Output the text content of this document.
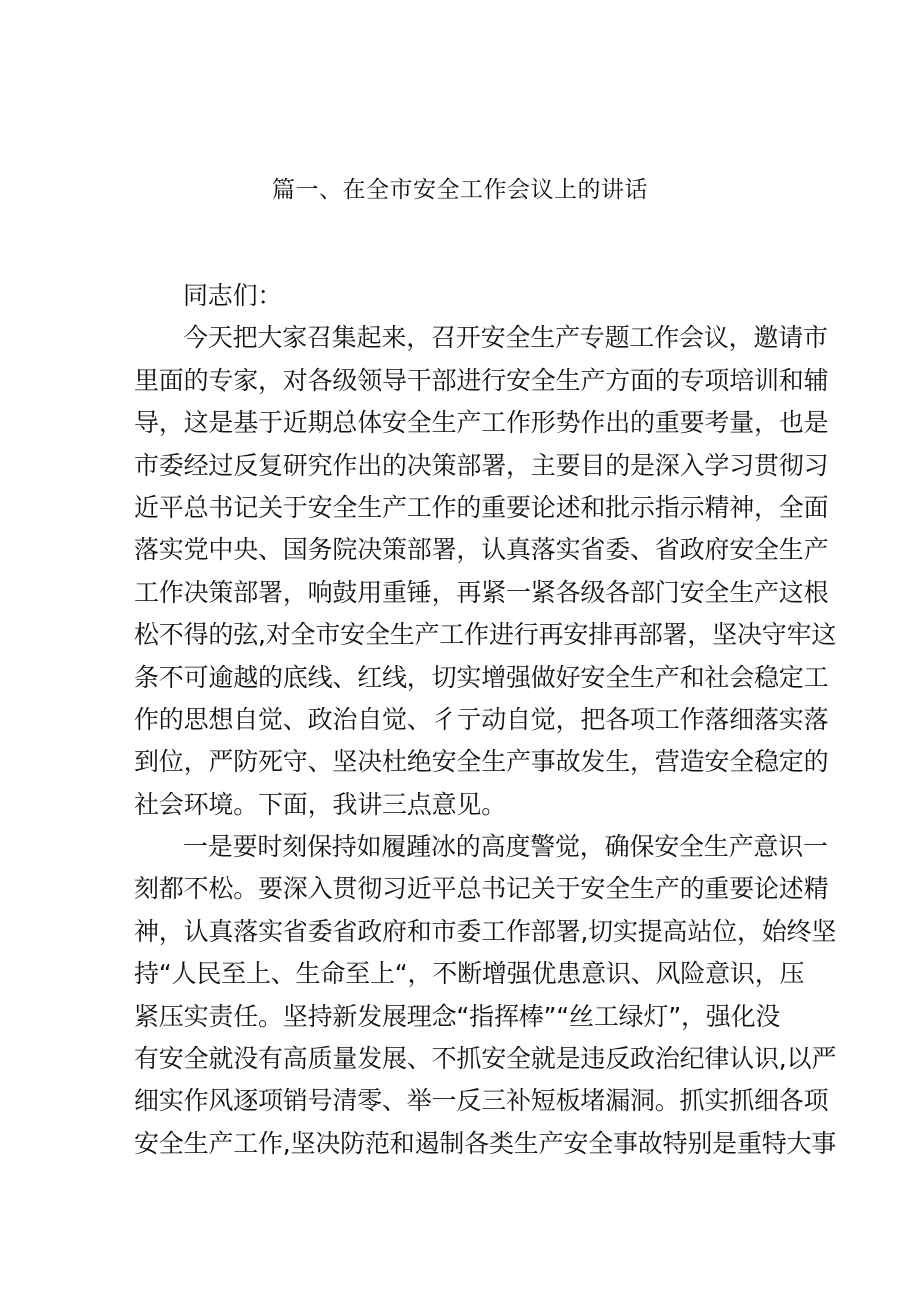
篇一、在全市安全工作会议上的讲话
同志们：
今天把大家召集起来，召开安全生产专题工作会议，邀请市
里面的专家，对各级领导干部进行安全生产方面的专项培训和辅
导，这是基于近期总体安全生产工作形势作出的重要考量，也是
市委经过反复研究作出的决策部署，主要目的是深入学习贯彻习
近平总书记关于安全生产工作的重要论述和批示指示精神，全面
落实党中央、国务院决策部署，认真落实省委、省政府安全生产
工作决策部署，响鼓用重锤，再紧一紧各级各部门安全生产这根
松不得的弦,对全市安全生产工作进行再安排再部署，坚决守牢这
条不可逾越的底线、红线，切实增强做好安全生产和社会稳定工
作的思想自觉、政治自觉、彳亍动自觉，把各项工作落细落实落
到位，严防死守、坚决杜绝安全生产事故发生，营造安全稳定的
社会环境。下面，我讲三点意见。
一是要时刻保持如履踵冰的高度警觉，确保安全生产意识一
刻都不松。要深入贯彻习近平总书记关于安全生产的重要论述精
神，认真落实省委省政府和市委工作部署,切实提高站位，始终坚
持“人民至上、生命至上“，不断增强优患意识、风险意识，压
紧压实责任。坚持新发展理念“指挥棒”“丝工绿灯”，强化没
有安全就没有高质量发展、不抓安全就是违反政治纪律认识,以严
细实作风逐项销号清零、举一反三补短板堵漏洞。抓实抓细各项
安全生产工作,坚决防范和遏制各类生产安全事故特别是重特大事
